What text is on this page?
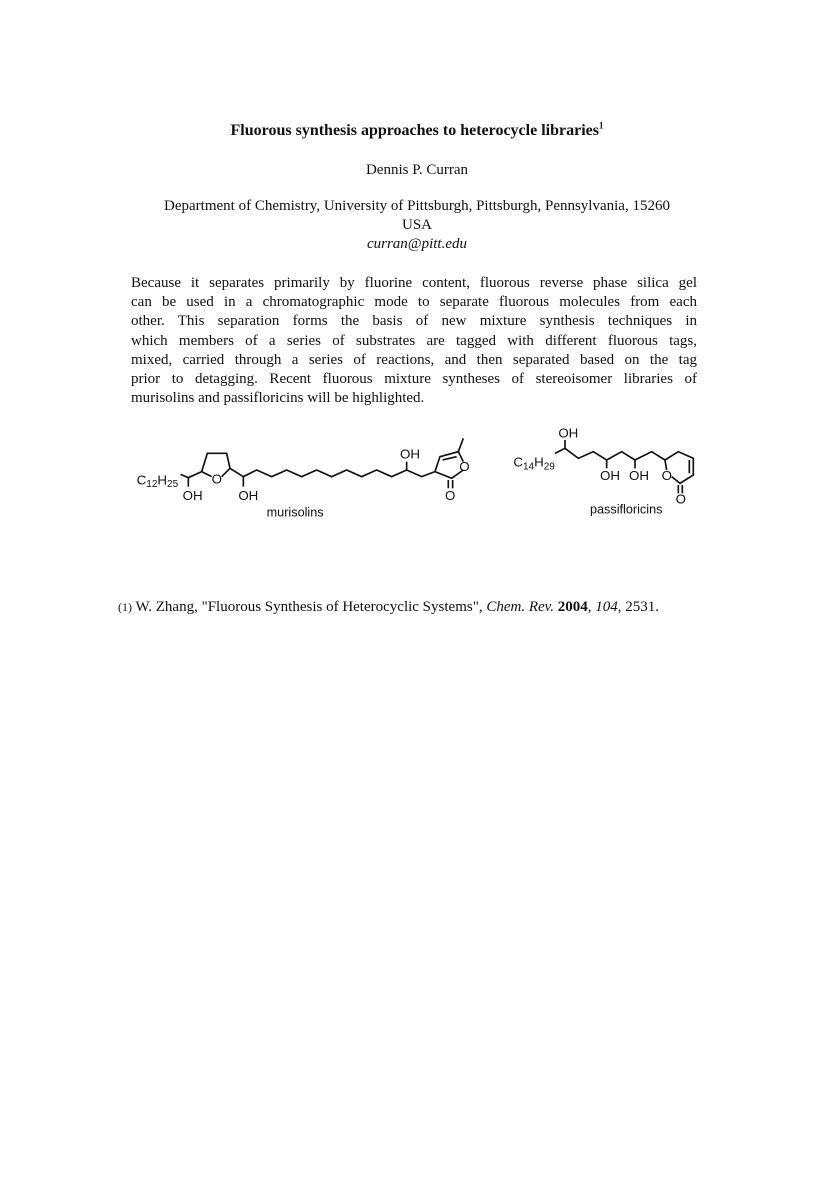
Fluorous synthesis approaches to heterocycle libraries$^1$
Dennis P. Curran
Department of Chemistry, University of Pittsburgh, Pittsburgh, Pennsylvania, 15260
USA
curran@pitt.edu
Because it separates primarily by fluorine content, fluorous reverse phase silica gel
can be used in a chromatographic mode to separate fluorous molecules from each
other. This separation forms the basis of new mixture synthesis techniques in
which members of a series of substrates are tagged with different fluorous tags,
mixed, carried through a series of reactions, and then separated based on the tag
prior to detagging. Recent fluorous mixture syntheses of stereoisomer libraries of
murisolins and passifloricins will be highlighted.
$C_{12}H_{25}$
OH
O
OH
OH
O
O
murisolins
$C_{14}H_{29}$
OH
OH OH O
O
passifloricins
(1) W. Zhang, "Fluorous Synthesis of Heterocyclic Systems", Chem. Rev. 2004, 104, 2531.
